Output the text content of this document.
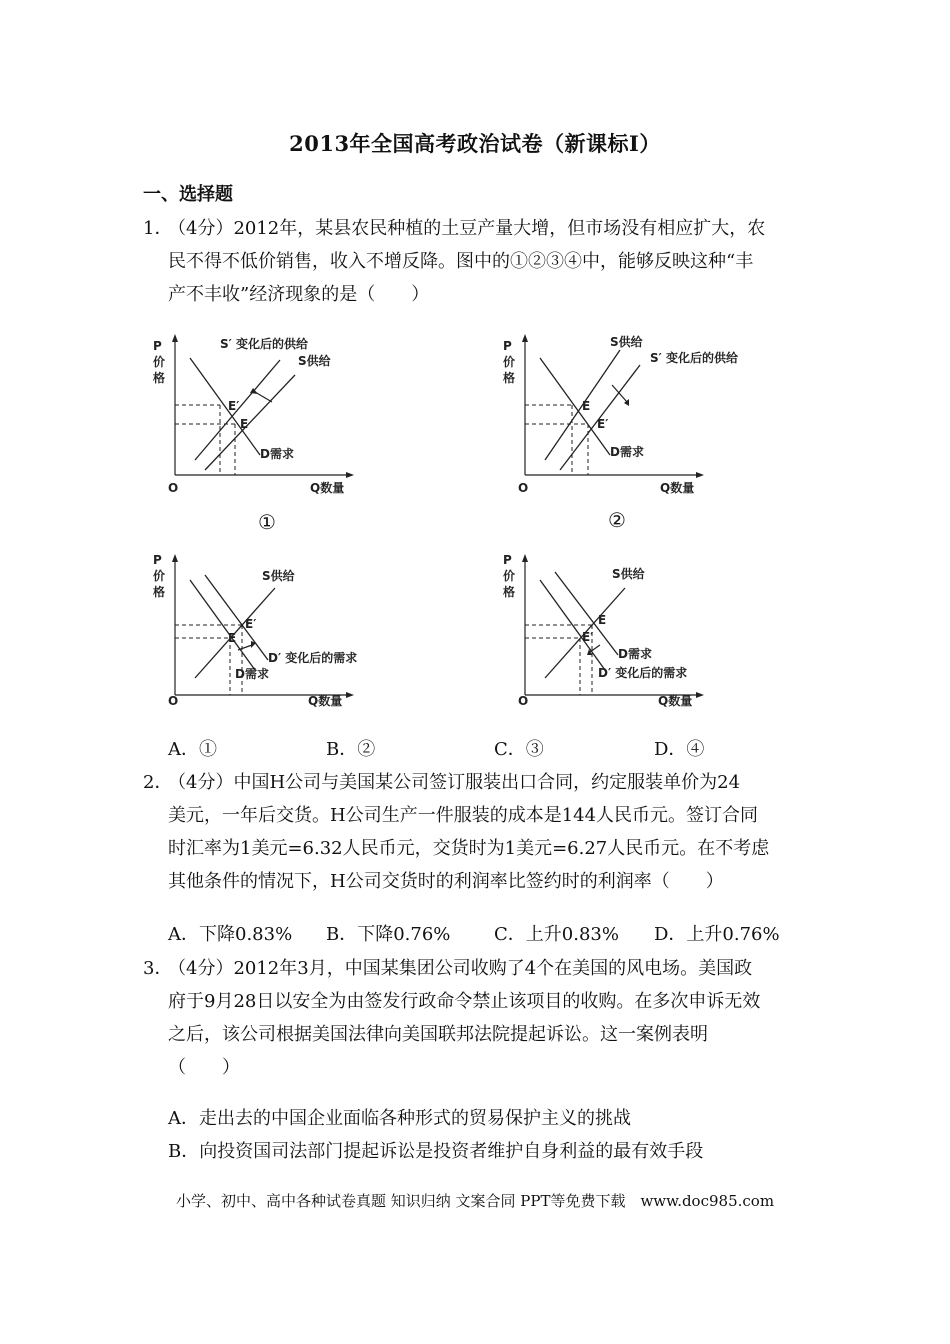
2013年全国高考政治试卷（新课标Ⅰ）
一、选择题
1．
（4分）2012年，某县农民种植的土豆产量大增，但市场没有相应扩大，农
民不得不低价销售，收入不增反降。图中的①②③④中，能够反映这种“丰
产不丰收”经济现象的是（　　）
P
价
格
O	Q数量
S′ 变化后的供给
S供给
D需求
E′
E
①
P
价
格
O	Q数量
S供给
S′ 变化后的供给
D需求
E
E′
②
P
价
格
O	Q数量
S供给
D′ 变化后的需求
D需求
E′
E
P
价
格
O	Q数量
S供给
D需求
D′ 变化后的需求
E
E′
A．①	B．②	C．③	D．④
2．
（4分）中国H公司与美国某公司签订服装出口合同，约定服装单价为24
美元，一年后交货。H公司生产一件服装的成本是144人民币元。签订合同
时汇率为1美元=6.32人民币元，交货时为1美元=6.27人民币元。在不考虑
其他条件的情况下，H公司交货时的利润率比签约时的利润率（　　）
A．下降0.83% B．下降0.76% C．上升0.83% D．上升0.76%
3．
（4分）2012年3月，中国某集团公司收购了4个在美国的风电场。美国政
府于9月28日以安全为由签发行政命令禁止该项目的收购。在多次申诉无效
之后，该公司根据美国法律向美国联邦法院提起诉讼。这一案例表明
（　　）
A．走出去的中国企业面临各种形式的贸易保护主义的挑战
B．向投资国司法部门提起诉讼是投资者维护自身利益的最有效手段
小学、初中、高中各种试卷真题 知识归纳 文案合同 PPT等免费下载　www.doc985.com
